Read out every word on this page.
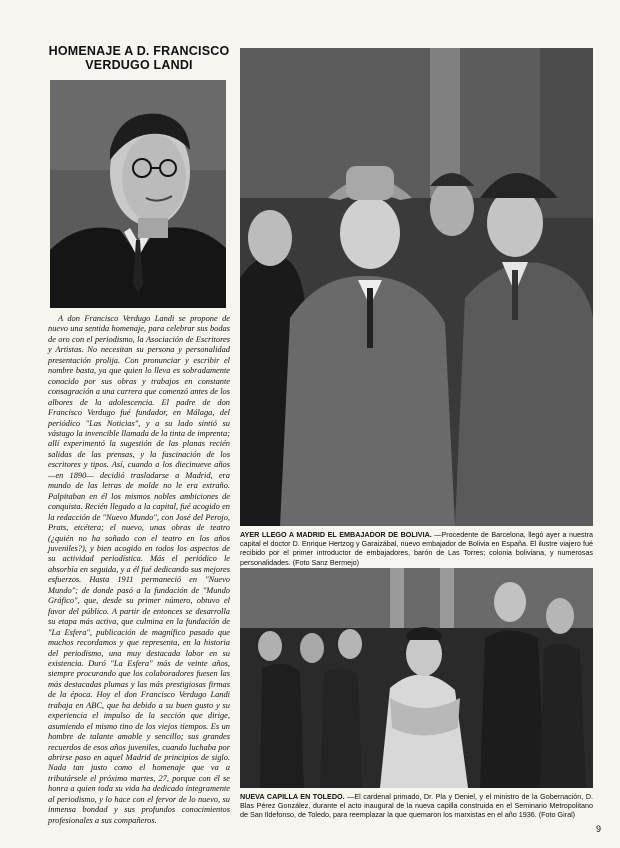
HOMENAJE A D. FRANCISCO
VERDUGO LANDI

A don Francisco Verdugo Landi se propone de nuevo una sentida homenaje, para celebrar sus bodas de oro con el periodismo, la Asociación de Escritores y Artistas. No necesitan su persona y personalidad presentación prolija. Con pronunciar y escribir el nombre basta, ya que quien lo lleva es sobradamente conocido por sus obras y trabajos en constante consagración a una carrera que comenzó antes de los albores de la adolescencia. El padre de don Francisco Verdugo fué fundador, en Málaga, del periódico "Las Noticias", y a su lado sintió su vástago la invencible llamada de la tinta de imprenta; allí experimentó la sugestión de las planas recién salidas de las prensas, y la fascinación de los escritores y tipos. Así, cuando a los diecinueve años —en 1890— decidió trasladarse a Madrid, era mundo de las letras de molde no le era extraño. Palpitaban en él los mismos nobles ambiciones de conquista. Recién llegado a la capital, fué acogido en la redacción de "Nuevo Mundo", con José del Perojo, Prats, etcétera; el nuevo, unas obras de teatro (¿quién no ha soñado con el teatro en los años juveniles?), y bien acogido en todos los aspectos de su actividad periodística. Más el periódico le absorbía en seguida, y a él fué dedicando sus mejores esfuerzos. Hasta 1911 permaneció en "Nuevo Mundo"; de donde pasó a la fundación de "Mundo Gráfico", que, desde su primer número, obtuvo el favor del público. A partir de entonces se desarrolla su etapa más activa, que culmina en la fundación de "La Esfera", publicación de magnífico pasado que muchos recordamos y que representa, en la historia del periodismo, una muy destacada labor en su existencia. Duró "La Esfera" más de veinte años, siempre procurando que los colaboradores fuesen las más destacadas plumas y las más prestigiosas firmas de la época. Hoy el don Francisco Verdugo Landi trabaja en ABC, que ha debido a su buen gusto y su experiencia el impulso de la sección que dirige, asumiendo el mismo tino de los viejos tiempos. Es un hombre de talante amable y sencillo; sus grandes recuerdos de esos años juveniles, cuando luchaba por abrirse paso en aquel Madrid de principios de siglo. Nada tan justo como el homenaje que va a tributársele el próximo martes, 27, porque con él se honra a quien toda su vida ha dedicado íntegramente al periodismo, y lo hace con el fervor de lo nuevo, su inmensa bondad y sus profundos conocimientos profesionales a sus compañeros.

AYER LLEGO A MADRID EL EMBAJADOR DE BOLIVIA. —Procedente de Barcelona, llegó ayer a nuestra capital el doctor D. Enrique Hertzog y Garaizábal, nuevo embajador de Bolivia en España. El ilustre viajero fué recibido por el primer introductor de embajadores, barón de Las Torres; colonia boliviana, y numerosas personalidades. (Foto Sanz Bermejo)

NUEVA CAPILLA EN TOLEDO. —El cardenal primado, Dr. Pla y Deniel, y el ministro de la Gobernación, D. Blas Pérez González, durante el acto inaugural de la nueva capilla construida en el Seminario Metropolitano de San Ildefonso, de Toledo, para reemplazar la que quemaron los marxistas en el año 1936. (Foto Giral)

9
